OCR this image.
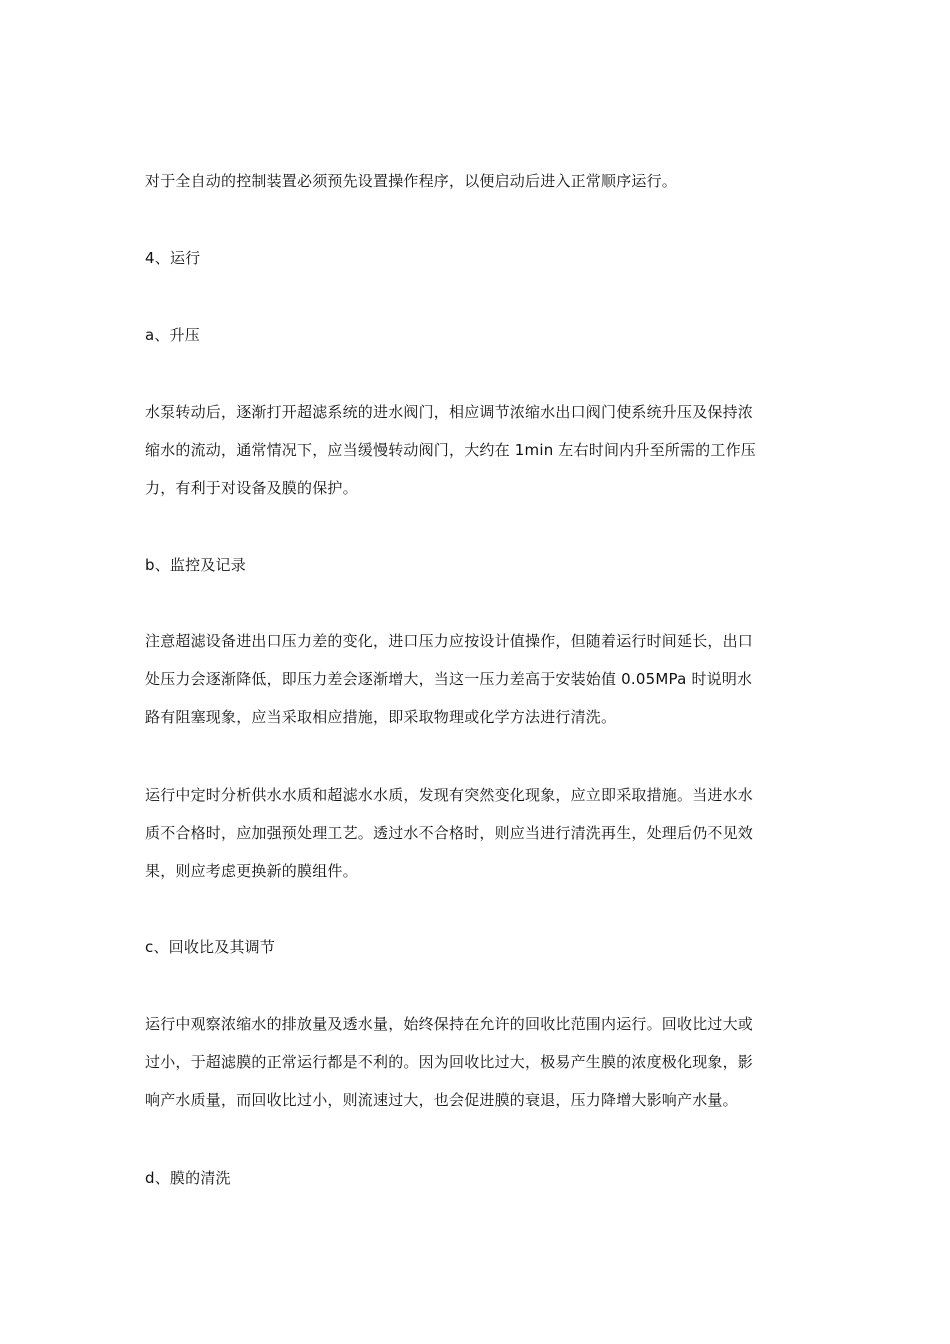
对于全自动的控制装置必须预先设置操作程序，以便启动后进入正常顺序运行。
4、运行
a、升压
水泵转动后，逐渐打开超滤系统的进水阀门，相应调节浓缩水出口阀门使系统升压及保持浓
缩水的流动，通常情况下，应当缓慢转动阀门，大约在 1min 左右时间内升至所需的工作压
力，有利于对设备及膜的保护。
b、监控及记录
注意超滤设备进出口压力差的变化，进口压力应按设计值操作，但随着运行时间延长，出口
处压力会逐渐降低，即压力差会逐渐增大，当这一压力差高于安装始值 0.05MPa 时说明水
路有阻塞现象，应当采取相应措施，即采取物理或化学方法进行清洗。
运行中定时分析供水水质和超滤水水质，发现有突然变化现象，应立即采取措施。当进水水
质不合格时，应加强预处理工艺。透过水不合格时，则应当进行清洗再生，处理后仍不见效
果，则应考虑更换新的膜组件。
c、回收比及其调节
运行中观察浓缩水的排放量及透水量，始终保持在允许的回收比范围内运行。回收比过大或
过小，于超滤膜的正常运行都是不利的。因为回收比过大，极易产生膜的浓度极化现象，影
响产水质量，而回收比过小，则流速过大，也会促进膜的衰退，压力降增大影响产水量。
d、膜的清洗
